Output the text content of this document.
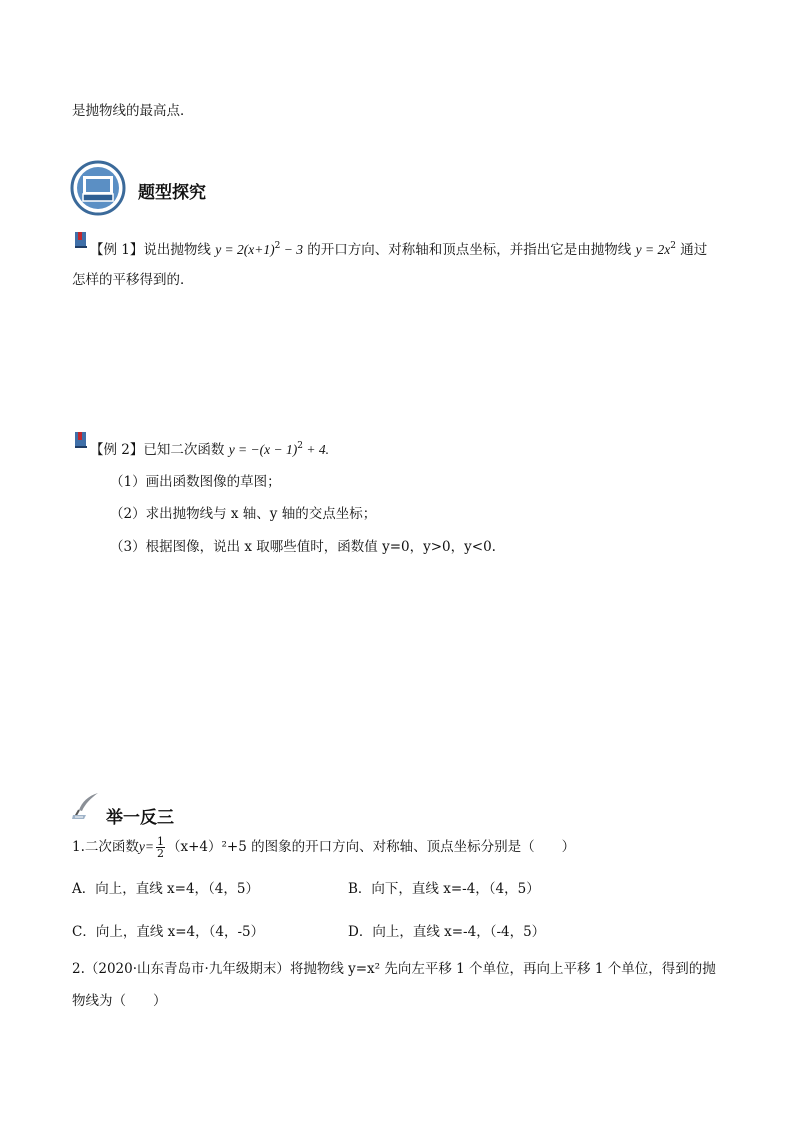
是抛物线的最高点．
题型探究
【例 1】说出抛物线 $y = 2(x+1)^2 - 3$ 的开口方向、对称轴和顶点坐标，并指出它是由抛物线 $y = 2x^2$ 通过
怎样的平移得到的．
【例 2】已知二次函数 $y = -(x - 1)^2 + 4$.
（1）画出函数图像的草图；
（2）求出抛物线与 x 轴、y 轴的交点坐标；
（3）根据图像，说出 x 取哪些值时，函数值 y=0，y>0，y<0.
举一反三
1.二次函数$y= \frac{1}{2} (x+4)^2+5$ 的图象的开口方向、对称轴、顶点坐标分别是（　　）
A．向上，直线 x=4，（4，5）	B．向下，直线 x=-4，（4，5）
C．向上，直线 x=4，（4，-5）	D．向上，直线 x=-4，（-4，5）
2.（2020·山东青岛市·九年级期末）将抛物线 y=x² 先向左平移 1 个单位，再向上平移 1 个单位，得到的抛
物线为（　　）
